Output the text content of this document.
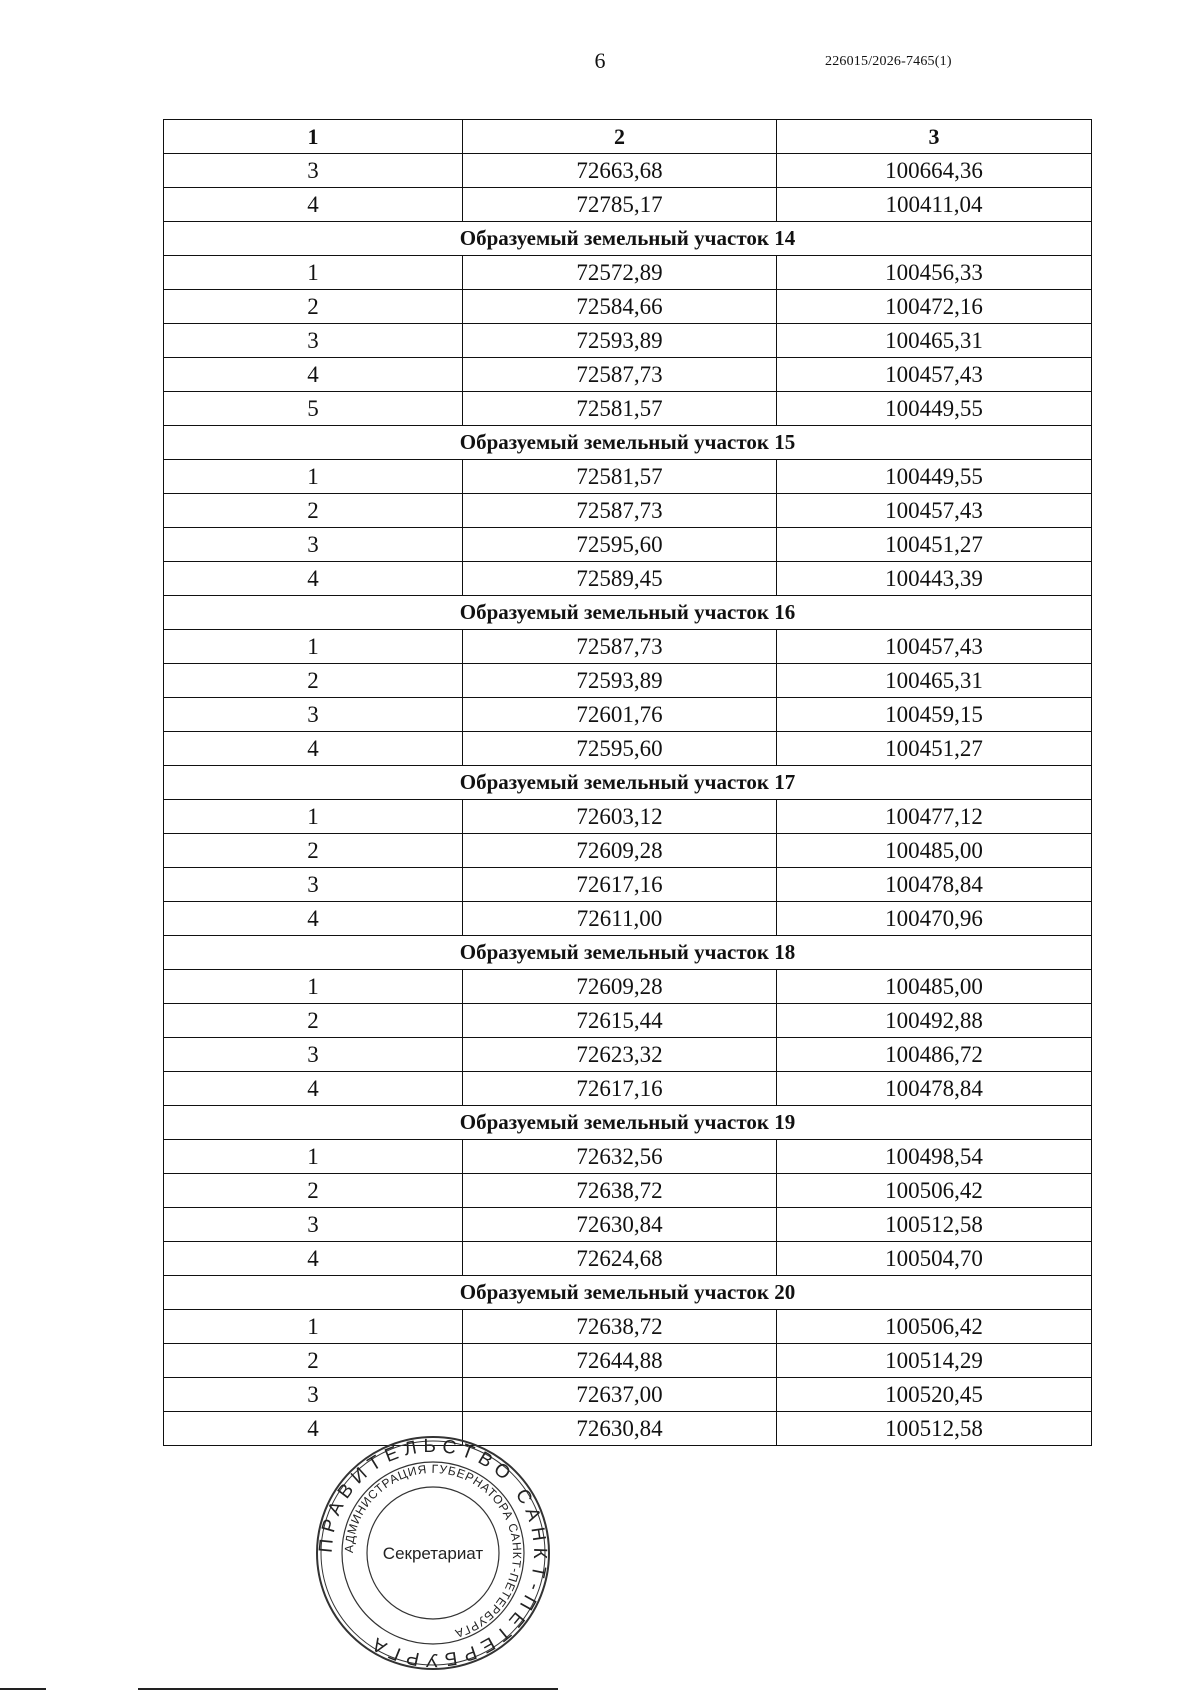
6	226015/2026-7465(1)
1	2	3
3	72663,68	100664,36
4	72785,17	100411,04
Образуемый земельный участок 14		
1	72572,89	100456,33
2	72584,66	100472,16
3	72593,89	100465,31
4	72587,73	100457,43
5	72581,57	100449,55
Образуемый земельный участок 15		
1	72581,57	100449,55
2	72587,73	100457,43
3	72595,60	100451,27
4	72589,45	100443,39
Образуемый земельный участок 16		
1	72587,73	100457,43
2	72593,89	100465,31
3	72601,76	100459,15
4	72595,60	100451,27
Образуемый земельный участок 17		
1	72603,12	100477,12
2	72609,28	100485,00
3	72617,16	100478,84
4	72611,00	100470,96
Образуемый земельный участок 18		
1	72609,28	100485,00
2	72615,44	100492,88
3	72623,32	100486,72
4	72617,16	100478,84
Образуемый земельный участок 19		
1	72632,56	100498,54
2	72638,72	100506,42
3	72630,84	100512,58
4	72624,68	100504,70
Образуемый земельный участок 20		
1	72638,72	100506,42
2	72644,88	100514,29
3	72637,00	100520,45
4	72630,84	100512,58
ПРАВИТЕЛЬСТВО САНКТ-ПЕТЕРБУРГА
АДМИНИСТРАЦИЯ ГУБЕРНАТОРА САНКТ-ПЕТЕРБУРГА
Секретариат
